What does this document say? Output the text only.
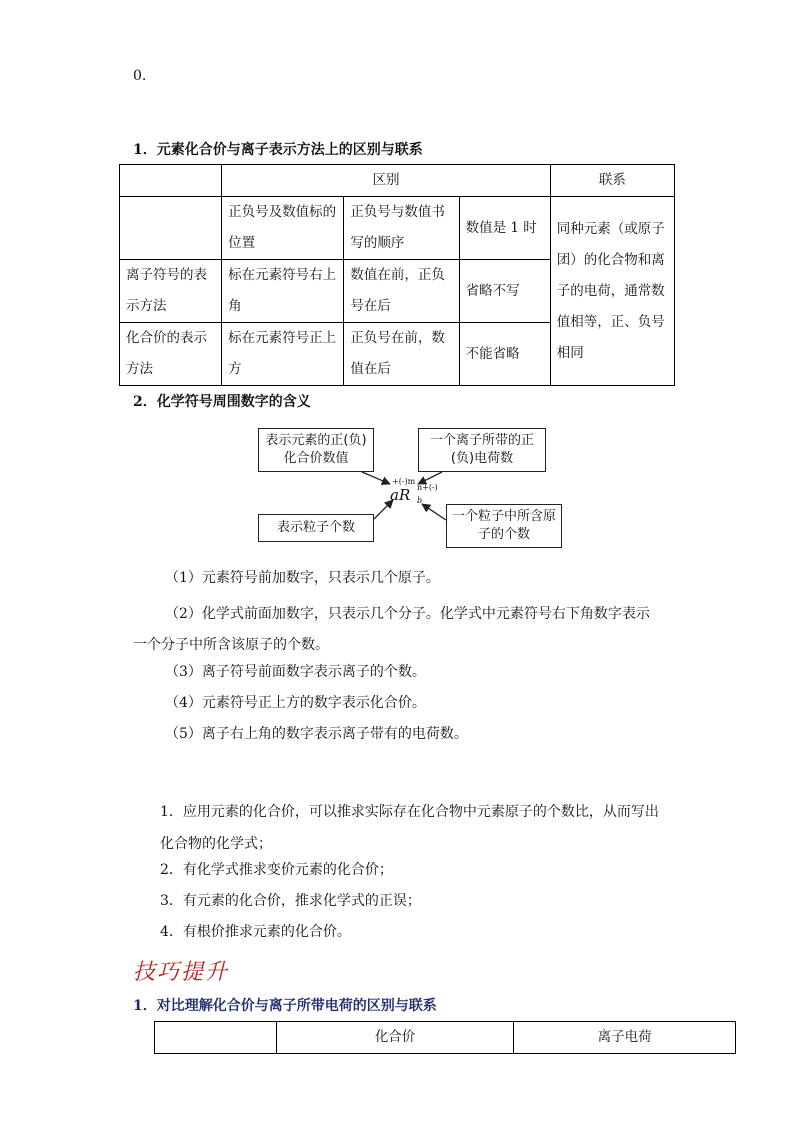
0.
1．元素化合价与离子表示方法上的区别与联系
	区别			联系
	正负号及数值标的位置	正负号与数值书写的顺序	数值是 1 时	同种元素（或原子团）的化合物和离子的电荷，通常数值相等，正、负号相同
离子符号的表示方法	标在元素符号右上角	数值在前，正负号在后	省略不写	
化合价的表示方法	标在元素符号正上方	正负号在前，数值在后	不能省略	
2．化学符号周围数字的含义
表示元素的正(负)化合价数值
一个离子所带的正(负)电荷数
表示粒子个数
一个粒子中所含原子的个数
+(-)m
aR n+(-)
b
（1）元素符号前加数字，只表示几个原子。
（2）化学式前面加数字，只表示几个分子。化学式中元素符号右下角数字表示一个分子中所含该原子的个数。
（3）离子符号前面数字表示离子的个数。
（4）元素符号正上方的数字表示化合价。
（5）离子右上角的数字表示离子带有的电荷数。
1．应用元素的化合价，可以推求实际存在化合物中元素原子的个数比，从而写出化合物的化学式；
2．有化学式推求变价元素的化合价；
3．有元素的化合价，推求化学式的正误；
4．有根价推求元素的化合价。
技巧提升
1．对比理解化合价与离子所带电荷的区别与联系
	化合价	离子电荷
